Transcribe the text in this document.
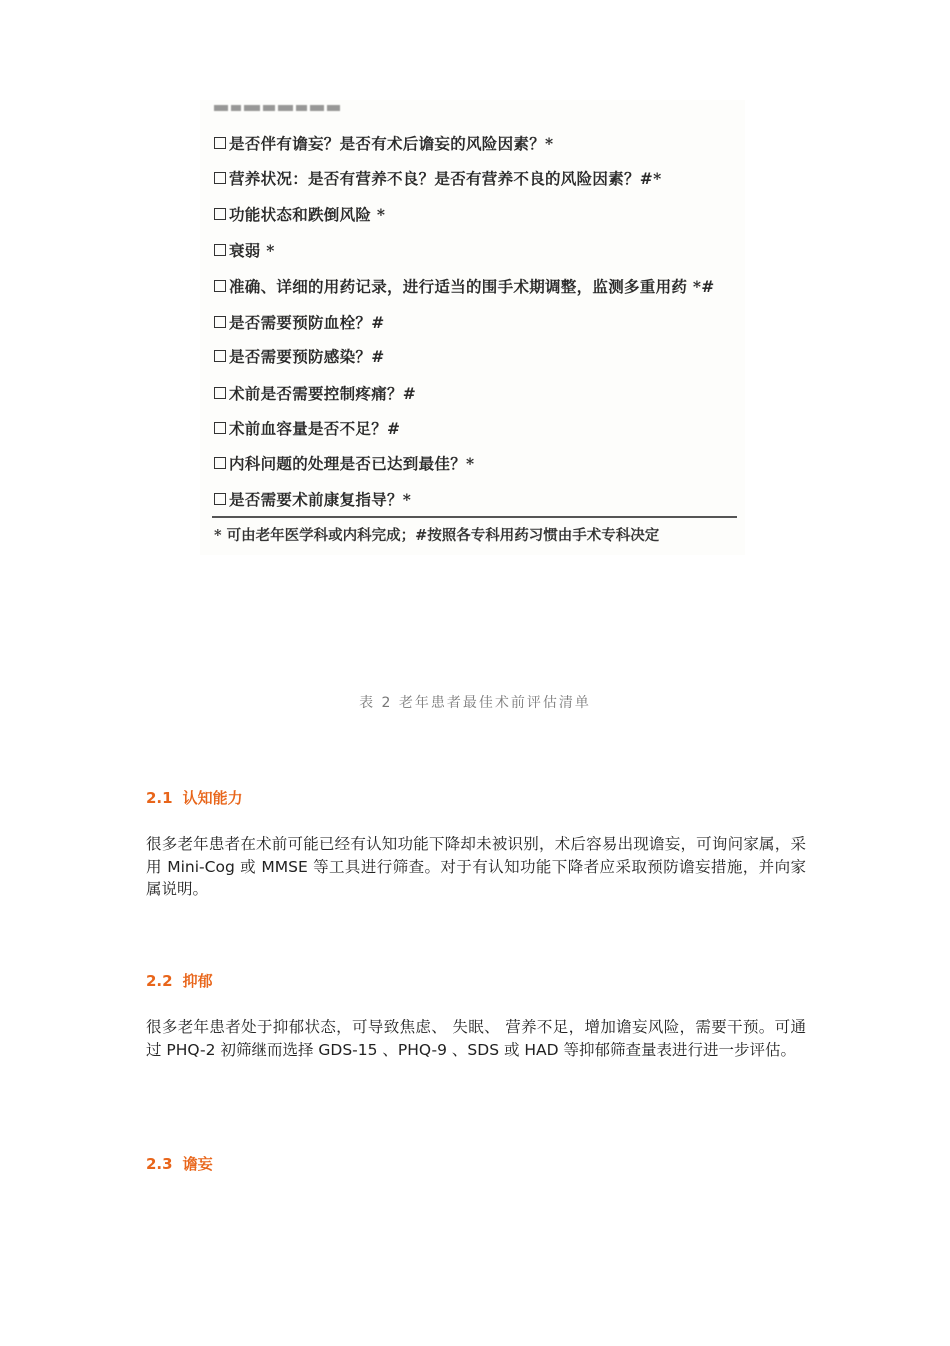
是否伴有谵妄？是否有术后谵妄的风险因素？*
营养状况：是否有营养不良？是否有营养不良的风险因素？#*
功能状态和跌倒风险 *
衰弱 *
准确、详细的用药记录，进行适当的围手术期调整，监测多重用药 *#
是否需要预防血栓？#
是否需要预防感染？#
术前是否需要控制疼痛？#
术前血容量是否不足？#
内科问题的处理是否已达到最佳？*
是否需要术前康复指导？*
* 可由老年医学科或内科完成；#按照各专科用药习惯由手术专科决定
表 2 老年患者最佳术前评估清单
2.1 认知能力
很多老年患者在术前可能已经有认知功能下降却未被识别，术后容易出现谵妄，可询问家属，采用 Mini-Cog 或 MMSE 等工具进行筛查。对于有认知功能下降者应采取预防谵妄措施，并向家属说明。
2.2 抑郁
很多老年患者处于抑郁状态，可导致焦虑、 失眠、 营养不足，增加谵妄风险，需要干预。可通过 PHQ-2 初筛继而选择 GDS-15 、PHQ-9 、SDS 或 HAD 等抑郁筛查量表进行进一步评估。
2.3 谵妄
